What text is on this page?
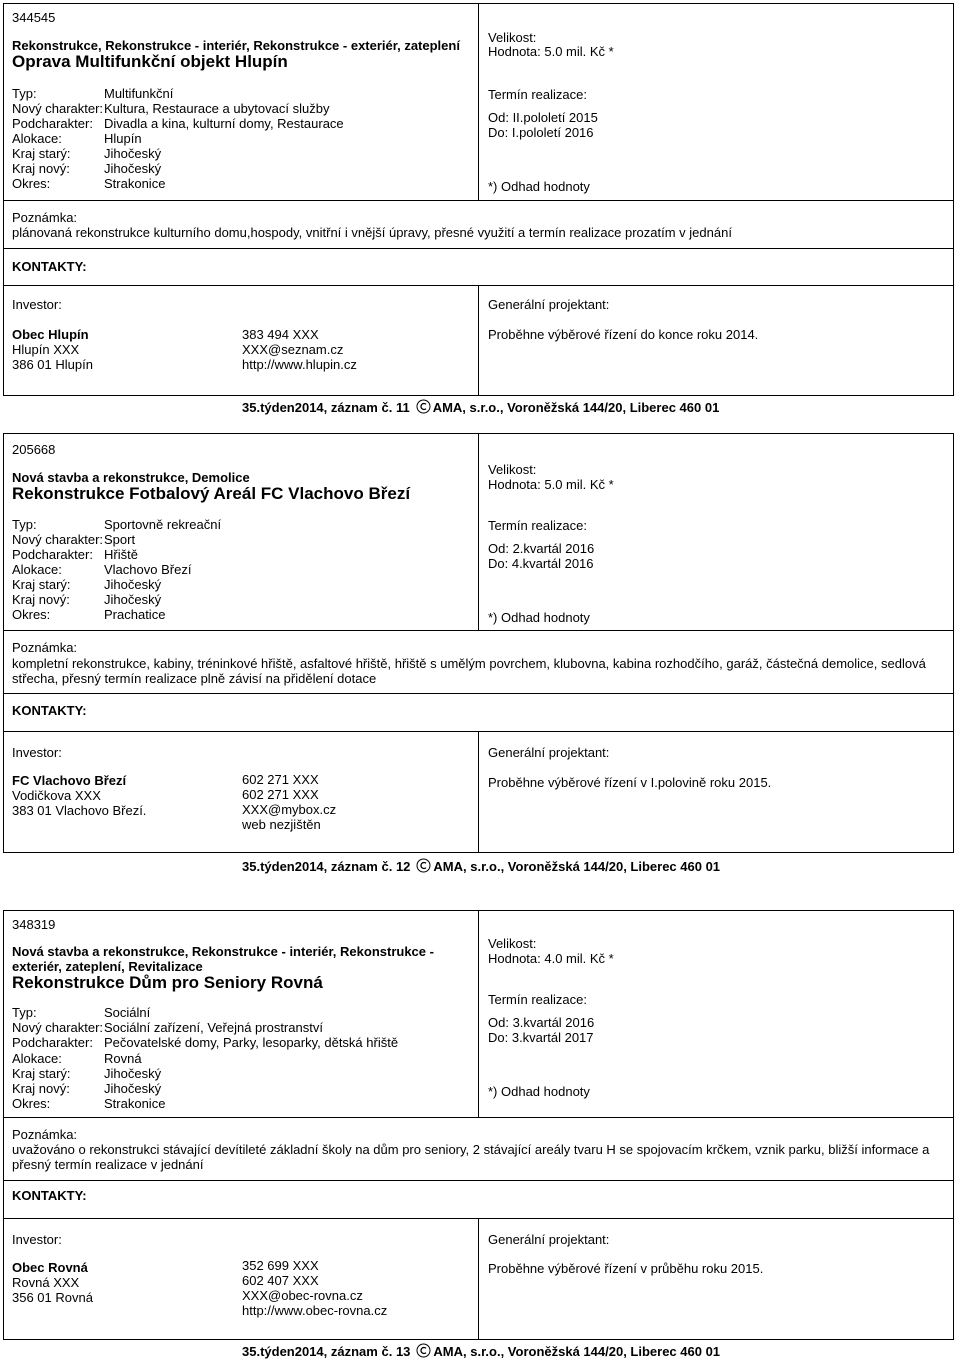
344545
Rekonstrukce, Rekonstrukce - interiér, Rekonstrukce - exteriér, zateplení
Oprava Multifunkční objekt Hlupín
Typ:	Multifunkční
Nový charakter: Kultura, Restaurace a ubytovací služby
Podcharakter: Divadla a kina, kulturní domy, Restaurace
Alokace:	Hlupín
Kraj starý:	Jihočeský
Kraj nový:	Jihočeský
Okres:	Strakonice
Velikost:
Hodnota: 5.0 mil. Kč *
Termín realizace:
Od: II.pololetí 2015
Do: I.pololetí 2016
*) Odhad hodnoty
Poznámka:
plánovaná rekonstrukce kulturního domu,hospody, vnitřní i vnější úpravy, přesné využití a termín realizace prozatím v jednání
KONTAKTY:
Investor:
Obec Hlupín
Hlupín XXX
386 01 Hlupín
383 494 XXX
XXX@seznam.cz
http://www.hlupin.cz
Generální projektant:
Proběhne výběrové řízení do konce roku 2014.
35.týden2014, záznam č. 11 AMA, s.r.o., Voroněžská 144/20, Liberec 460 01
205668
Nová stavba a rekonstrukce, Demolice
Rekonstrukce Fotbalový Areál FC Vlachovo Březí
Typ:	Sportovně rekreační
Nový charakter: Sport
Podcharakter: Hřiště
Alokace:	Vlachovo Březí
Kraj starý:	Jihočeský
Kraj nový:	Jihočeský
Okres:	Prachatice
Velikost:
Hodnota: 5.0 mil. Kč *
Termín realizace:
Od: 2.kvartál 2016
Do: 4.kvartál 2016
*) Odhad hodnoty
Poznámka:
kompletní rekonstrukce, kabiny, tréninkové hřiště, asfaltové hřiště, hřiště s umělým povrchem, klubovna, kabina rozhodčího, garáž, částečná demolice, sedlová střecha, přesný termín realizace plně závisí na přidělení dotace
KONTAKTY:
Investor:
FC Vlachovo Březí
Vodičkova XXX
383 01 Vlachovo Březí.
602 271 XXX
602 271 XXX
XXX@mybox.cz
web nezjištěn
Generální projektant:
Proběhne výběrové řízení v I.polovině roku 2015.
35.týden2014, záznam č. 12 AMA, s.r.o., Voroněžská 144/20, Liberec 460 01
348319
Nová stavba a rekonstrukce, Rekonstrukce - interiér, Rekonstrukce - exteriér, zateplení, Revitalizace
Rekonstrukce Dům pro Seniory Rovná
Typ:	Sociální
Nový charakter: Sociální zařízení, Veřejná prostranství
Podcharakter: Pečovatelské domy, Parky, lesoparky, dětská hřiště
Alokace:	Rovná
Kraj starý:	Jihočeský
Kraj nový:	Jihočeský
Okres:	Strakonice
Velikost:
Hodnota: 4.0 mil. Kč *
Termín realizace:
Od: 3.kvartál 2016
Do: 3.kvartál 2017
*) Odhad hodnoty
Poznámka:
uvažováno o rekonstrukci stávající devítileté základní školy na dům pro seniory, 2 stávající areály tvaru H se spojovacím krčkem, vznik parku, bližší informace a přesný termín realizace v jednání
KONTAKTY:
Investor:
Obec Rovná
Rovná XXX
356 01 Rovná
352 699 XXX
602 407 XXX
XXX@obec-rovna.cz
http://www.obec-rovna.cz
Generální projektant:
Proběhne výběrové řízení v průběhu roku 2015.
35.týden2014, záznam č. 13 AMA, s.r.o., Voroněžská 144/20, Liberec 460 01
